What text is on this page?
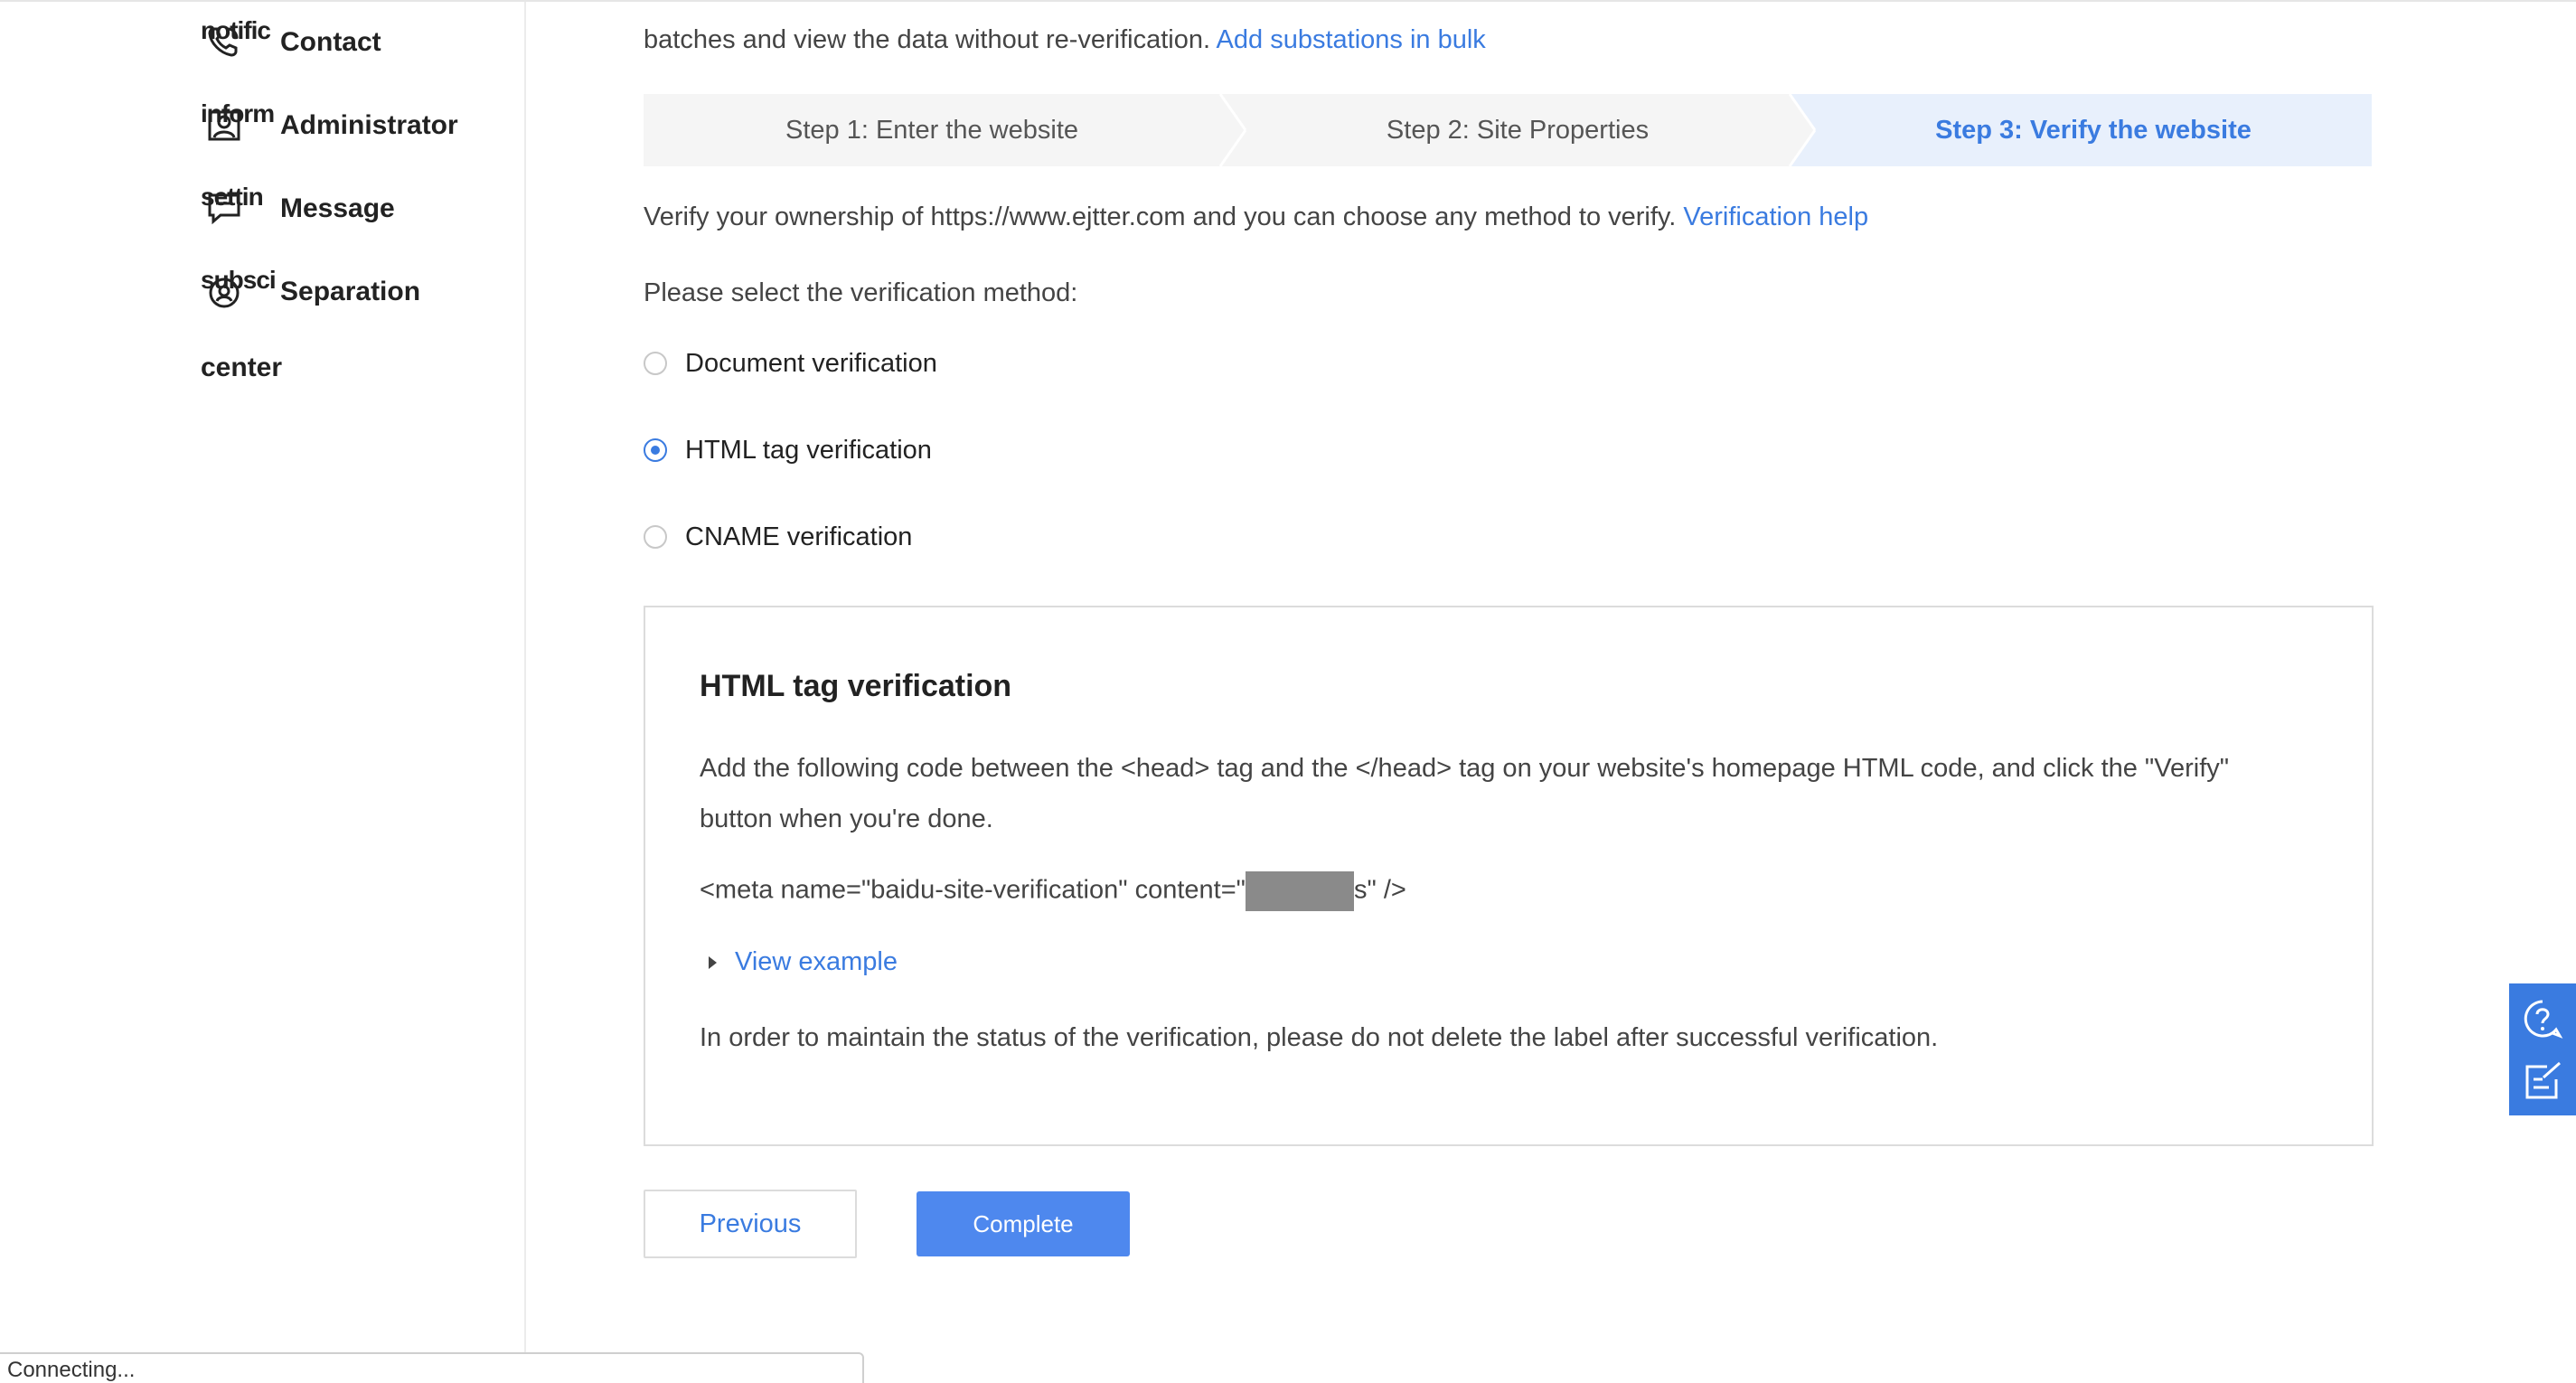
notific Contact
inform Administrator
settin Message
subsci Separation
center
batches and view the data without re-verification. Add substations in bulk
Step 1: Enter the website	Step 2: Site Properties	Step 3: Verify the website
Verify your ownership of https://www.ejtter.com and you can choose any method to verify. Verification help
Please select the verification method:
Document verification
HTML tag verification
CNAME verification
HTML tag verification
Add the following code between the <head> tag and the </head> tag on your website's homepage HTML code, and click the "Verify" button when you're done.
<meta name="baidu-site-verification" content="	s" />
View example
In order to maintain the status of the verification, please do not delete the label after successful verification.
Previous	Complete
Connecting...
